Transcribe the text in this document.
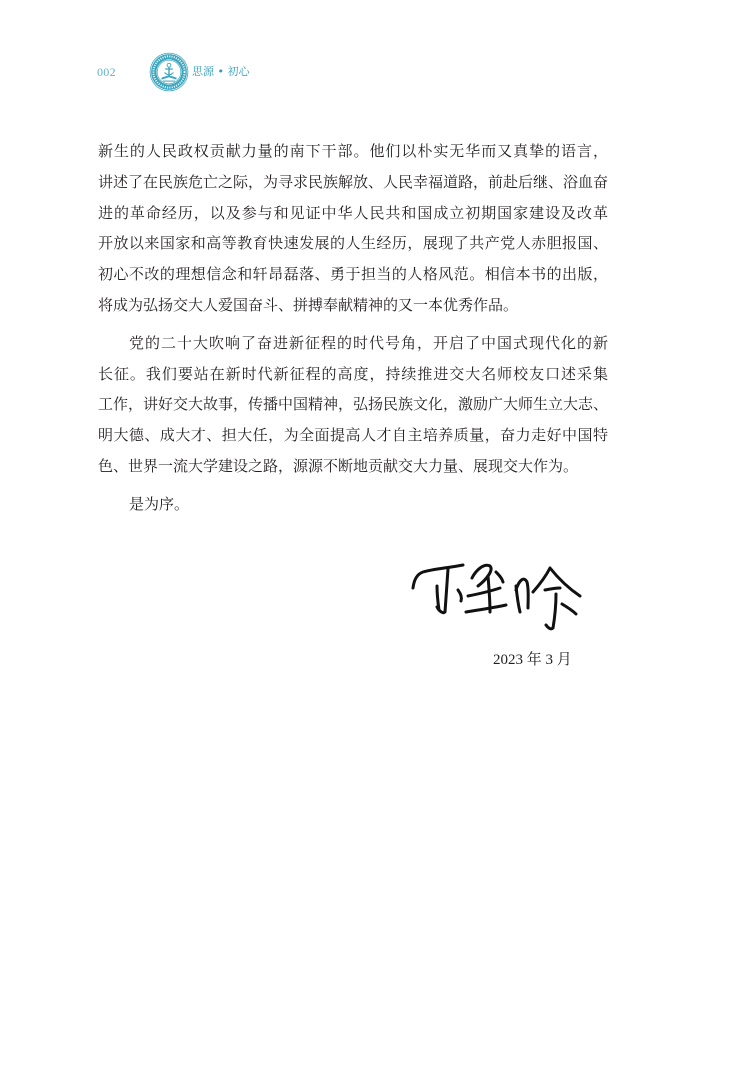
002	思源 • 初心
新生的人民政权贡献力量的南下干部。他们以朴实无华而又真挚的语言，
讲述了在民族危亡之际，为寻求民族解放、人民幸福道路，前赴后继、浴血奋
进的革命经历，以及参与和见证中华人民共和国成立初期国家建设及改革
开放以来国家和高等教育快速发展的人生经历，展现了共产党人赤胆报国、
初心不改的理想信念和轩昂磊落、勇于担当的人格风范。相信本书的出版，
将成为弘扬交大人爱国奋斗、拼搏奉献精神的又一本优秀作品。
党的二十大吹响了奋进新征程的时代号角，开启了中国式现代化的新
长征。我们要站在新时代新征程的高度，持续推进交大名师校友口述采集
工作，讲好交大故事，传播中国精神，弘扬民族文化，激励广大师生立大志、
明大德、成大才、担大任，为全面提高人才自主培养质量，奋力走好中国特
色、世界一流大学建设之路，源源不断地贡献交大力量、展现交大作为。
是为序。
2023 年 3 月
